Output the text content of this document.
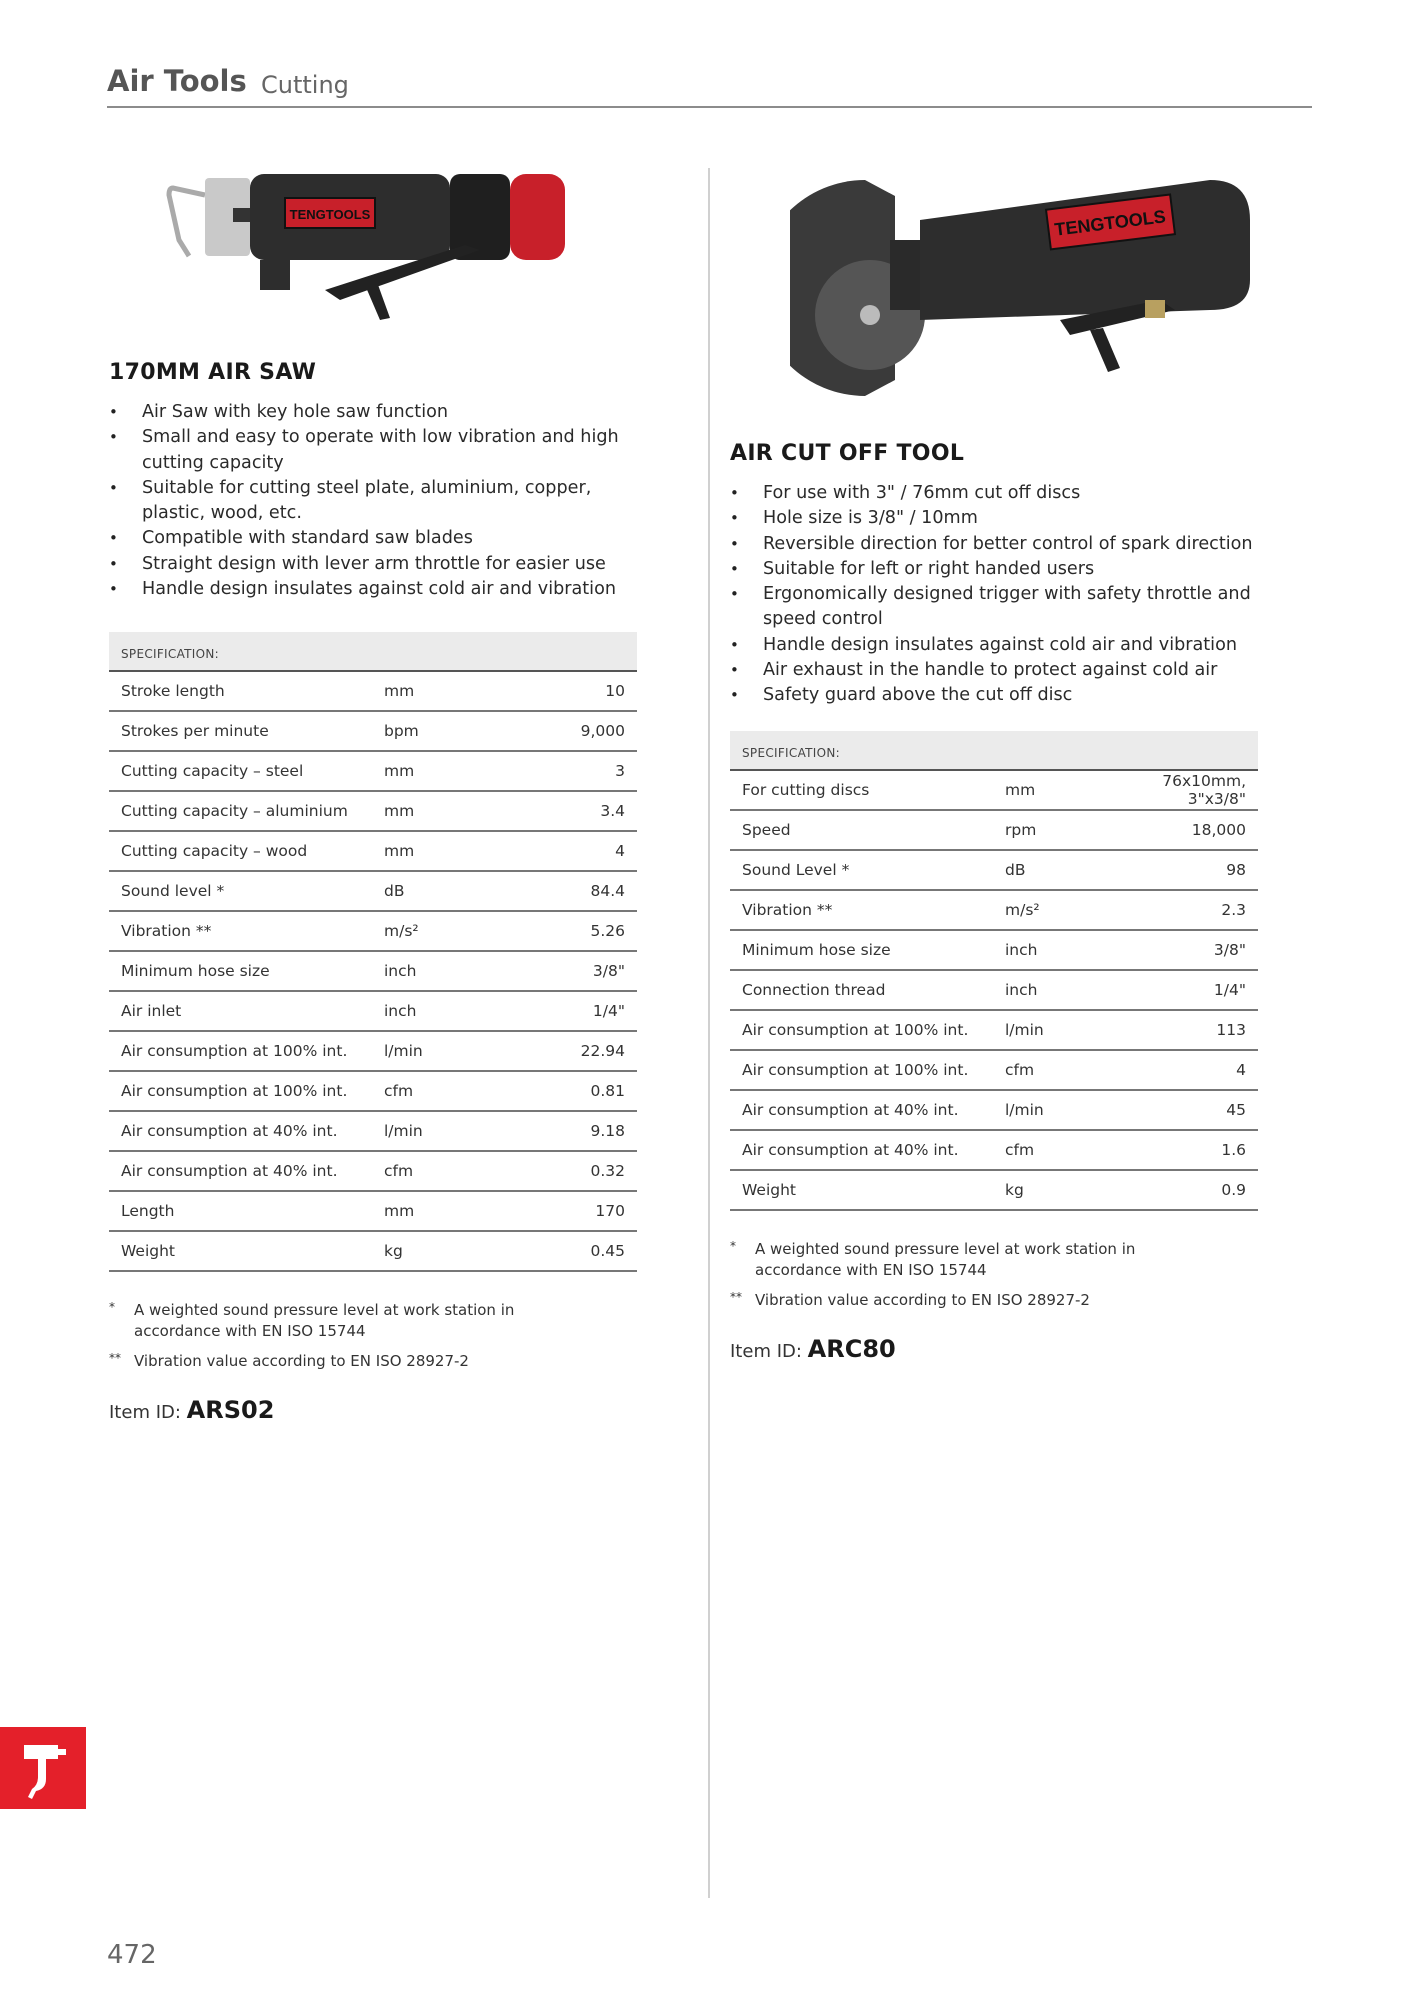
Air Tools Cutting
TENGTOOLS	TENGTOOLS
170MM AIR SAW
• Air Saw with key hole saw function
• Small and easy to operate with low vibration and high cutting capacity
• Suitable for cutting steel plate, aluminium, copper, plastic, wood, etc.
• Compatible with standard saw blades
• Straight design with lever arm throttle for easier use
• Handle design insulates against cold air and vibration
SPECIFICATION:
Stroke length	mm	10
Strokes per minute	bpm	9,000
Cutting capacity – steel	mm	3
Cutting capacity – aluminium	mm	3.4
Cutting capacity – wood	mm	4
Sound level *	dB	84.4
Vibration **	m/s²	5.26
Minimum hose size	inch	3/8"
Air inlet	inch	1/4"
Air consumption at 100% int.	l/min	22.94
Air consumption at 100% int.	cfm	0.81
Air consumption at 40% int.	l/min	9.18
Air consumption at 40% int.	cfm	0.32
Length	mm	170
Weight	kg	0.45
* A weighted sound pressure level at work station in accordance with EN ISO 15744
** Vibration value according to EN ISO 28927-2
Item ID: ARS02
AIR CUT OFF TOOL
• For use with 3" / 76mm cut off discs
• Hole size is 3/8" / 10mm
• Reversible direction for better control of spark direction
• Suitable for left or right handed users
• Ergonomically designed trigger with safety throttle and speed control
• Handle design insulates against cold air and vibration
• Air exhaust in the handle to protect against cold air
• Safety guard above the cut off disc
SPECIFICATION:
For cutting discs	mm	76x10mm, 3"x3/8"
Speed	rpm	18,000
Sound Level *	dB	98
Vibration **	m/s²	2.3
Minimum hose size	inch	3/8"
Connection thread	inch	1/4"
Air consumption at 100% int.	l/min	113
Air consumption at 100% int.	cfm	4
Air consumption at 40% int.	l/min	45
Air consumption at 40% int.	cfm	1.6
Weight	kg	0.9
* A weighted sound pressure level at work station in accordance with EN ISO 15744
** Vibration value according to EN ISO 28927-2
Item ID: ARC80
472
